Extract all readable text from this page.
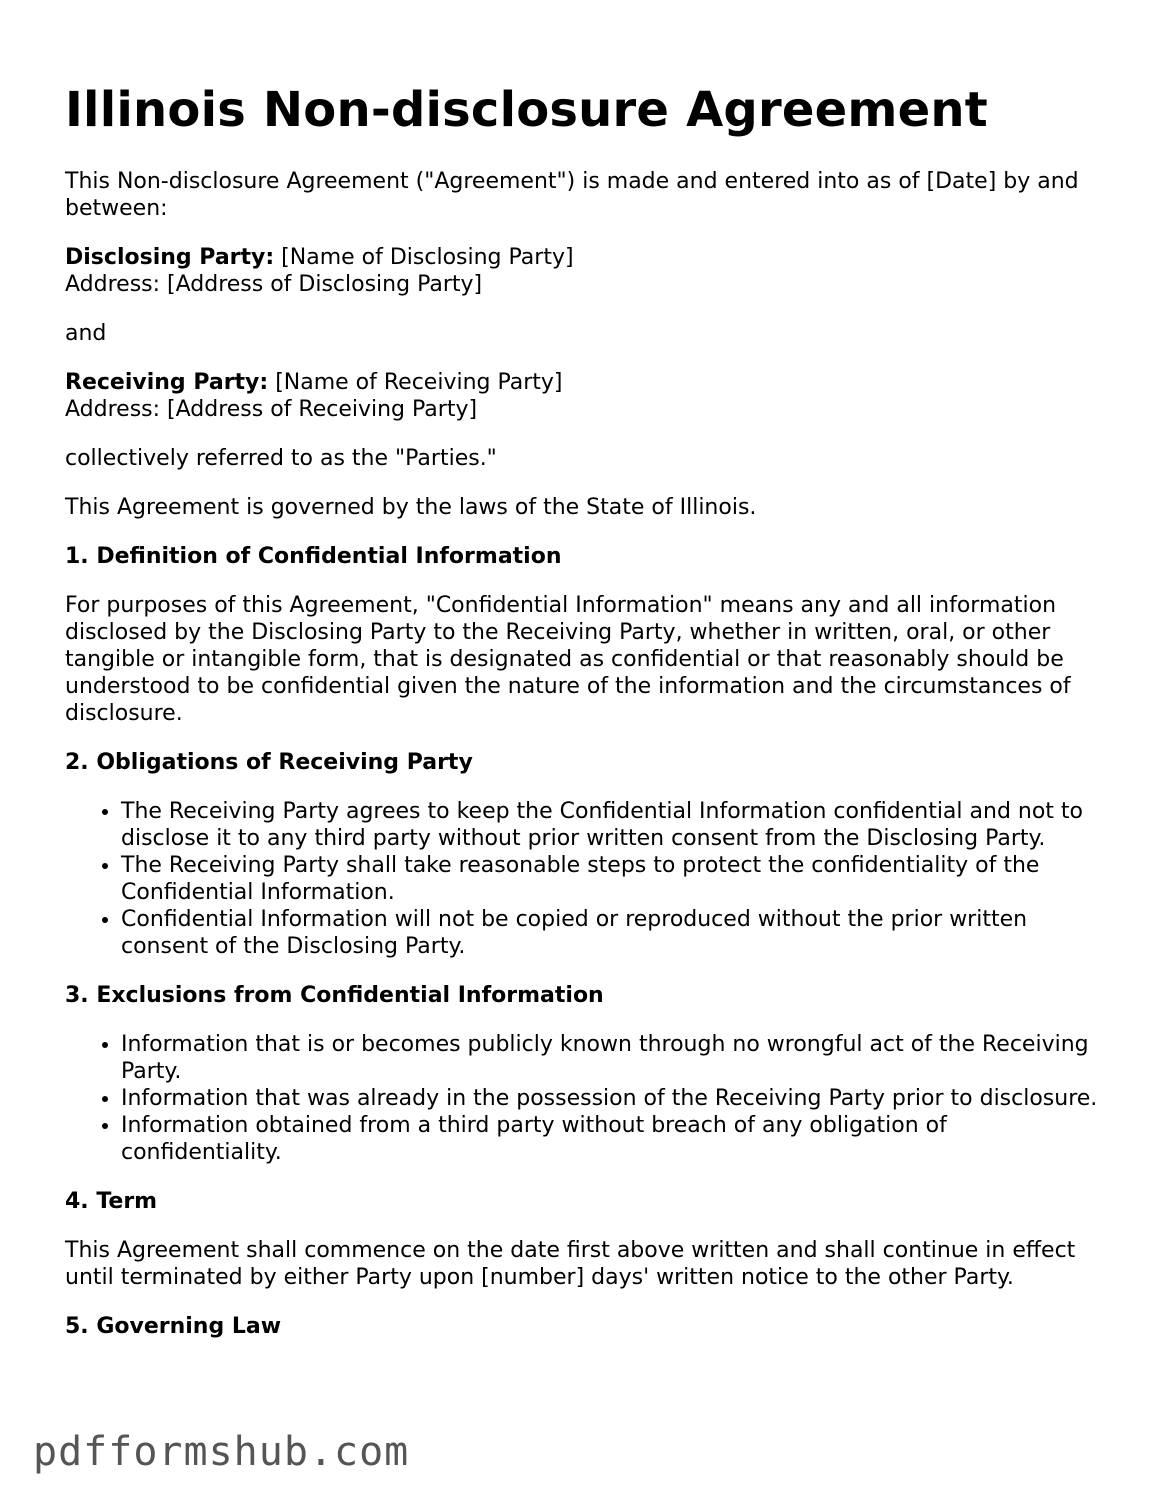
Illinois Non-disclosure Agreement

This Non-disclosure Agreement ("Agreement") is made and entered into as of [Date] by and between:

Disclosing Party: [Name of Disclosing Party]
Address: [Address of Disclosing Party]

and

Receiving Party: [Name of Receiving Party]
Address: [Address of Receiving Party]

collectively referred to as the "Parties."

This Agreement is governed by the laws of the State of Illinois.

1. Definition of Confidential Information

For purposes of this Agreement, "Confidential Information" means any and all information disclosed by the Disclosing Party to the Receiving Party, whether in written, oral, or other tangible or intangible form, that is designated as confidential or that reasonably should be understood to be confidential given the nature of the information and the circumstances of disclosure.

2. Obligations of Receiving Party
• The Receiving Party agrees to keep the Confidential Information confidential and not to disclose it to any third party without prior written consent from the Disclosing Party.
• The Receiving Party shall take reasonable steps to protect the confidentiality of the Confidential Information.
• Confidential Information will not be copied or reproduced without the prior written consent of the Disclosing Party.
3. Exclusions from Confidential Information
• Information that is or becomes publicly known through no wrongful act of the Receiving Party.
• Information that was already in the possession of the Receiving Party prior to disclosure.
• Information obtained from a third party without breach of any obligation of confidentiality.
4. Term

This Agreement shall commence on the date first above written and shall continue in effect until terminated by either Party upon [number] days' written notice to the other Party.

5. Governing Law
pdfformshub.com
